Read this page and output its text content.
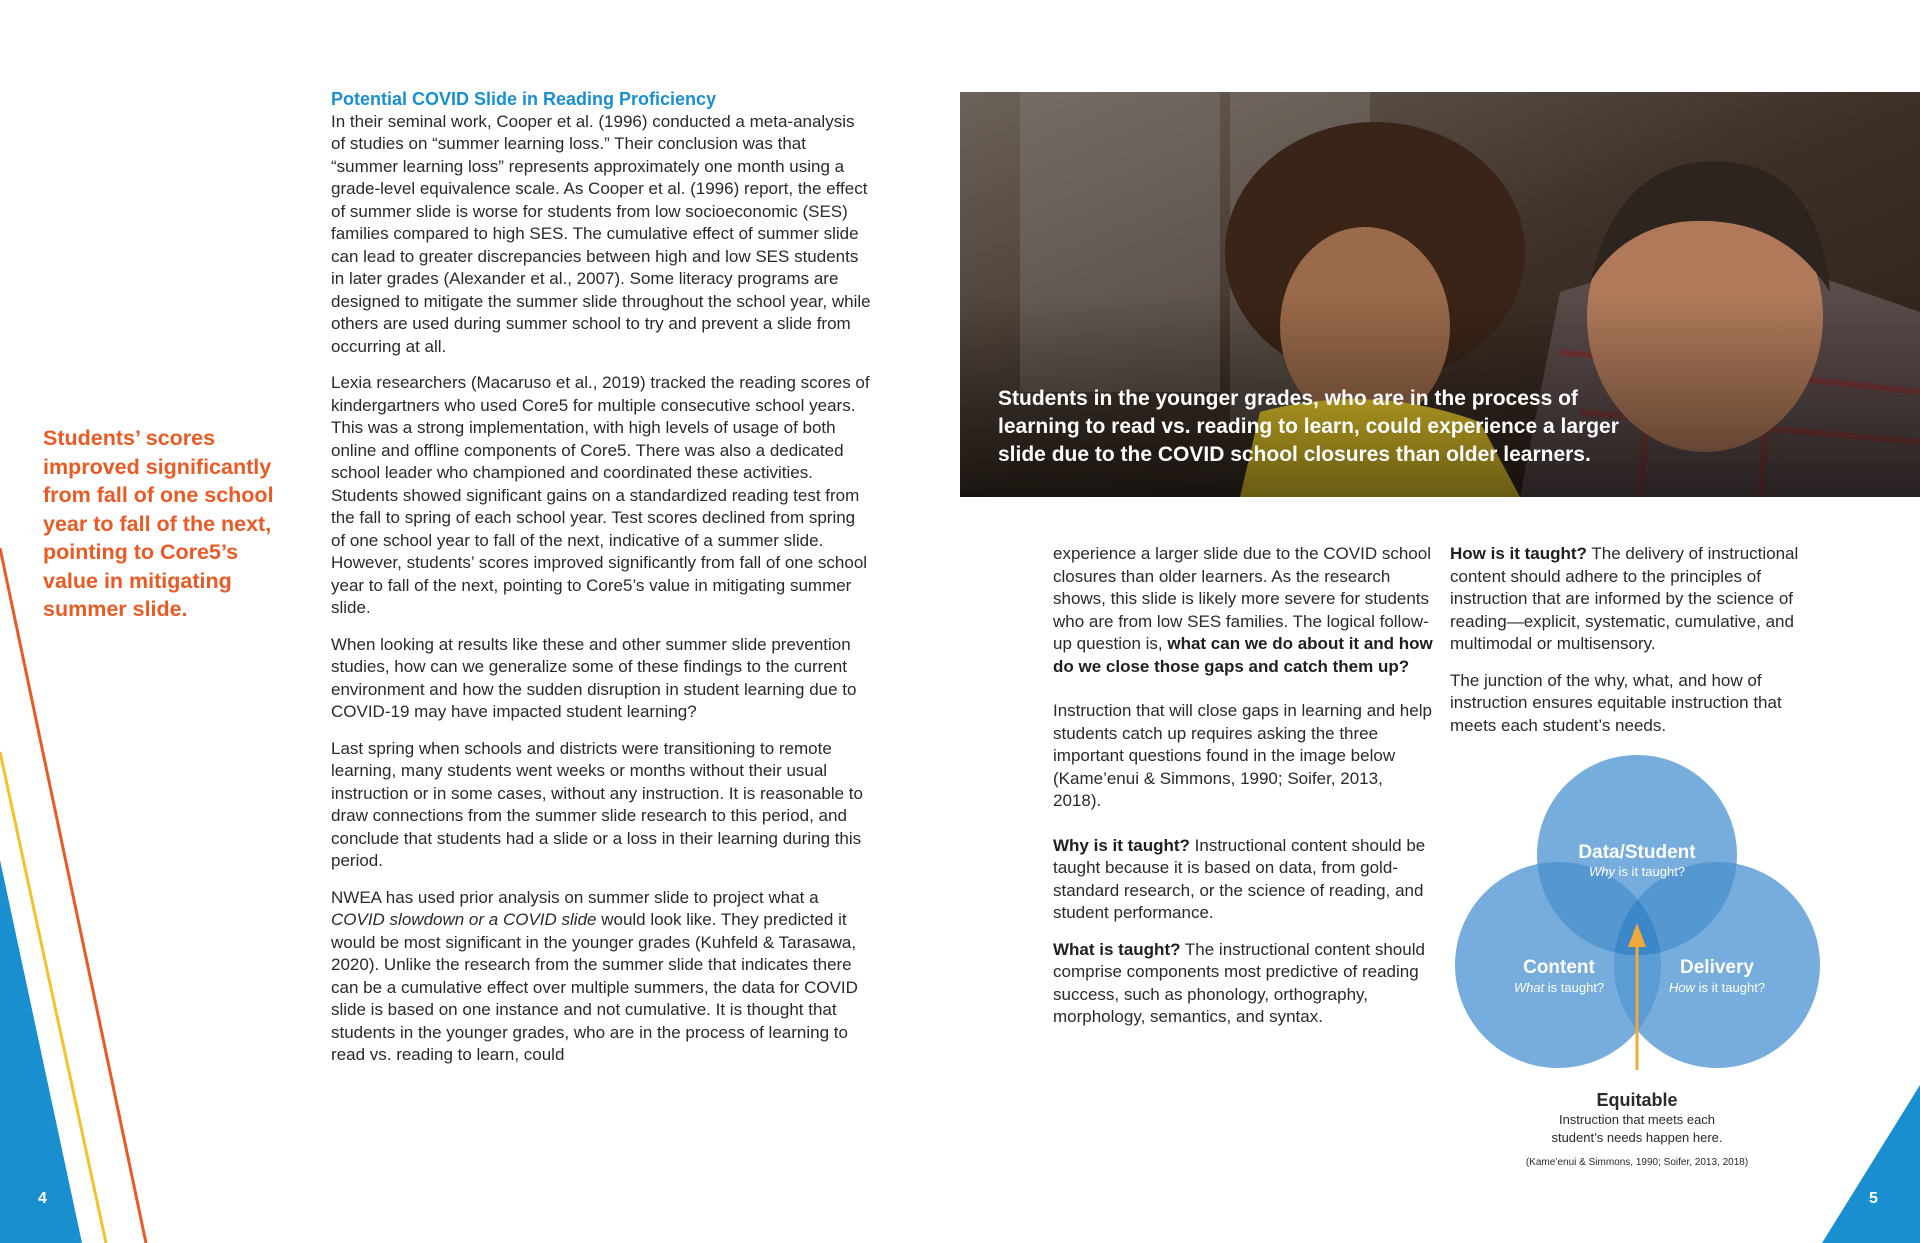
4	5
Students’ scores improved significantly from fall of one school year to fall of the next, pointing to Core5’s value in mitigating summer slide.
Potential COVID Slide in Reading Proficiency

In their seminal work, Cooper et al. (1996) conducted a meta-analysis of studies on “summer learning loss.” Their conclusion was that “summer learning loss” represents approximately one month using a grade-level equivalence scale. As Cooper et al. (1996) report, the effect of summer slide is worse for students from low socioeconomic (SES) families compared to high SES. The cumulative effect of summer slide can lead to greater discrepancies between high and low SES students in later grades (Alexander et al., 2007). Some literacy programs are designed to mitigate the summer slide throughout the school year, while others are used during summer school to try and prevent a slide from occurring at all.

Lexia researchers (Macaruso et al., 2019) tracked the reading scores of kindergartners who used Core5 for multiple consecutive school years. This was a strong implementation, with high levels of usage of both online and offline components of Core5. There was also a dedicated school leader who championed and coordinated these activities. Students showed significant gains on a standardized reading test from the fall to spring of each school year. Test scores declined from spring of one school year to fall of the next, indicative of a summer slide. However, students’ scores improved significantly from fall of one school year to fall of the next, pointing to Core5’s value in mitigating summer slide.

When looking at results like these and other summer slide prevention studies, how can we generalize some of these findings to the current environment and how the sudden disruption in student learning due to COVID-19 may have impacted student learning?

Last spring when schools and districts were transitioning to remote learning, many students went weeks or months without their usual instruction or in some cases, without any instruction. It is reasonable to draw connections from the summer slide research to this period, and conclude that students had a slide or a loss in their learning during this period.

NWEA has used prior analysis on summer slide to project what a COVID slowdown or a COVID slide would look like. They predicted it would be most significant in the younger grades (Kuhfeld & Tarasawa, 2020). Unlike the research from the summer slide that indicates there can be a cumulative effect over multiple summers, the data for COVID slide is based on one instance and not cumulative. It is thought that students in the younger grades, who are in the process of learning to read vs. reading to learn, could

Students in the younger grades, who are in the process of learning to read vs. reading to learn, could experience a larger slide due to the COVID school closures than older learners.

experience a larger slide due to the COVID school closures than older learners. As the research shows, this slide is likely more severe for students who are from low SES families. The logical follow-up question is, what can we do about it and how do we close those gaps and catch them up?

Instruction that will close gaps in learning and help students catch up requires asking the three important questions found in the image below (Kame’enui & Simmons, 1990; Soifer, 2013, 2018).

Why is it taught? Instructional content should be taught because it is based on data, from gold-standard research, or the science of reading, and student performance.

What is taught? The instructional content should comprise components most predictive of reading success, such as phonology, orthography, morphology, semantics, and syntax.

How is it taught? The delivery of instructional content should adhere to the principles of instruction that are informed by the science of reading—explicit, systematic, cumulative, and multimodal or multisensory.

The junction of the why, what, and how of instruction ensures equitable instruction that meets each student’s needs.

Data/Student
Why is it taught?
Content
What is taught?
Delivery
How is it taught?
Equitable
Instruction that meets each
student’s needs happen here.
(Kame’enui & Simmons, 1990; Soifer, 2013, 2018)
